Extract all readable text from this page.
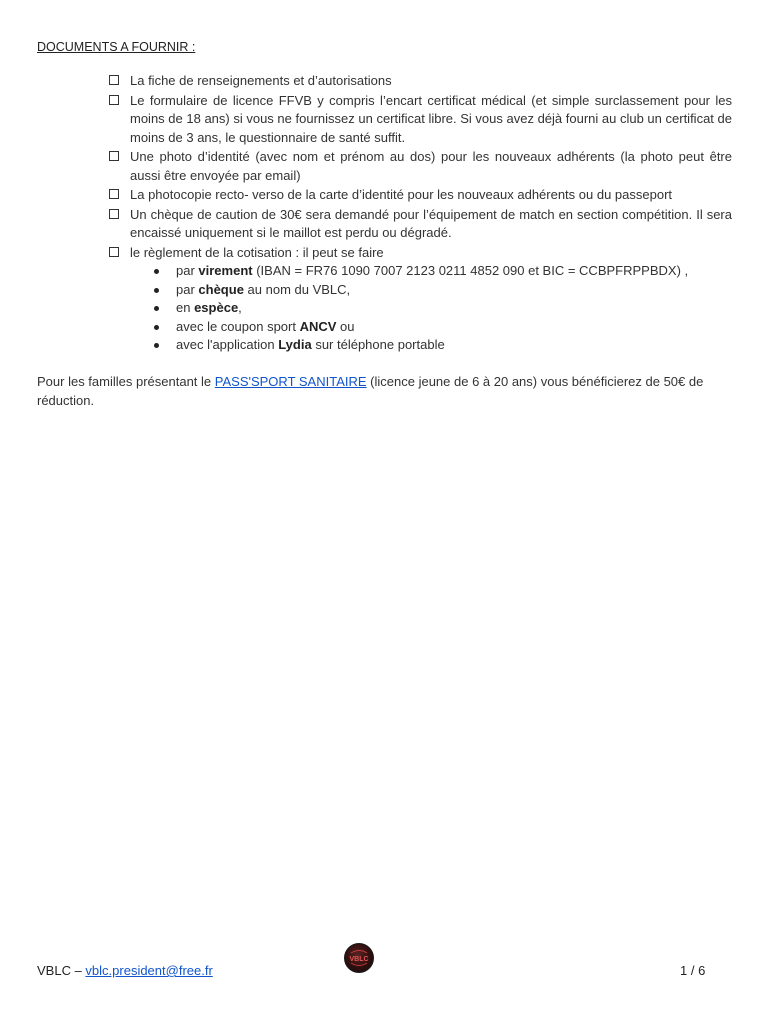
DOCUMENTS A FOURNIR :
La fiche de renseignements et d’autorisations
Le formulaire de licence FFVB y compris l’encart certificat médical (et simple surclassement pour les moins de 18 ans) si vous ne fournissez un certificat libre. Si vous avez déjà fourni au club un certificat de moins de 3 ans, le questionnaire de santé suffit.
Une photo d’identité (avec nom et prénom au dos) pour les nouveaux adhérents (la photo peut être aussi être envoyée par email)
La photocopie recto- verso de la carte d’identité pour les nouveaux adhérents ou du passeport
Un chèque de caution de 30€ sera demandé pour l’équipement de match en section compétition. Il sera encaissé uniquement si le maillot est perdu ou dégradé.
le règlement de la cotisation : il peut se faire
par virement (IBAN = FR76 1090 7007 2123 0211 4852 090 et BIC = CCBPFRPPBDX) ,
par chèque au nom du VBLC,
en espèce,
avec le coupon sport ANCV ou
avec l'application Lydia sur téléphone portable

Pour les familles présentant le PASS'SPORT SANITAIRE (licence jeune de 6 à 20 ans) vous bénéficierez de 50€ de réduction.

VBLC – vblc.president@free.fr
VBLC
1 / 6
